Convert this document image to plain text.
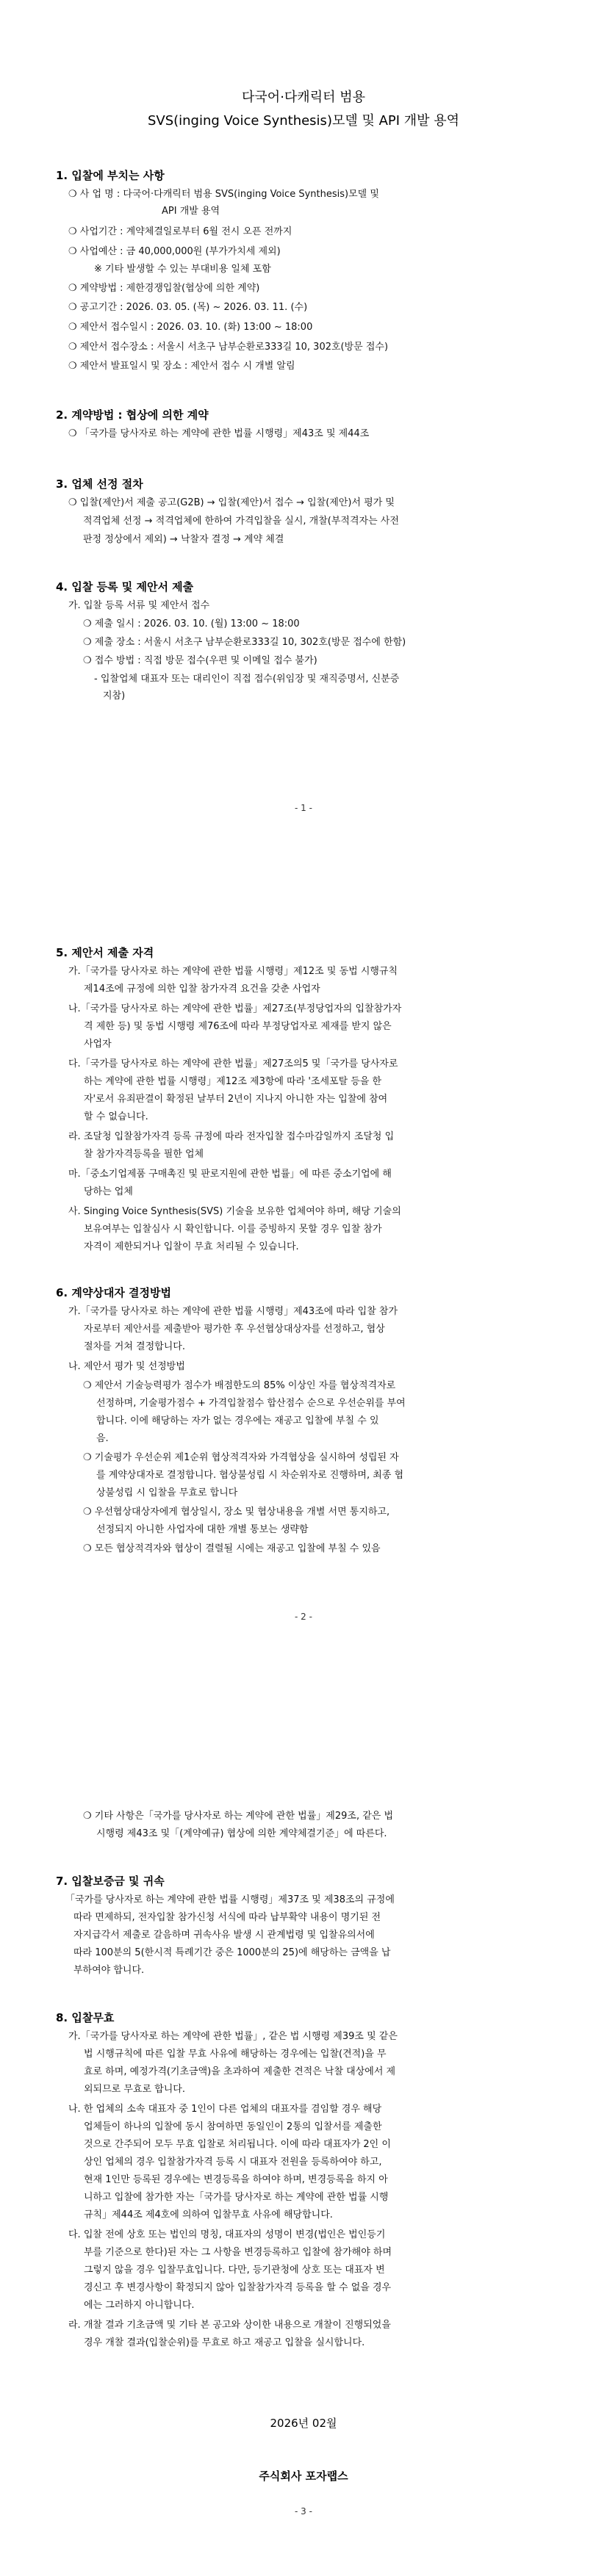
다국어·다캐릭터 범용
SVS(inging Voice Synthesis)모델 및 API 개발 용역
1. 입찰에 부치는 사항
❍ 사 업 명 : 다국어·다캐릭터 범용 SVS(inging Voice Synthesis)모델 및
API 개발 용역
❍ 사업기간 : 계약체결일로부터 6월 전시 오픈 전까지
❍ 사업예산 : 금 40,000,000원 (부가가치세 제외)
※ 기타 발생할 수 있는 부대비용 일체 포함
❍ 계약방법 : 제한경쟁입찰(협상에 의한 계약)
❍ 공고기간 : 2026. 03. 05. (목) ~ 2026. 03. 11. (수)
❍ 제안서 접수일시 : 2026. 03. 10. (화) 13:00 ~ 18:00
❍ 제안서 접수장소 : 서울시 서초구 남부순환로333길 10, 302호(방문 접수)
❍ 제안서 발표일시 및 장소 : 제안서 접수 시 개별 알림
2. 계약방법 : 협상에 의한 계약
❍ 「국가를 당사자로 하는 계약에 관한 법률 시행령」제43조 및 제44조
3. 업체 선정 절차
❍ 입찰(제안)서 제출 공고(G2B) → 입찰(제안)서 접수 → 입찰(제안)서 평가 및
적격업체 선정 → 적격업체에 한하여 가격입찰을 실시, 개찰(부적격자는 사전
판정 정상에서 제외) → 낙찰자 결정 → 계약 체결
4. 입찰 등록 및 제안서 제출
가. 입찰 등록 서류 및 제안서 접수
❍ 제출 일시 : 2026. 03. 10. (월) 13:00 ~ 18:00
❍ 제출 장소 : 서울시 서초구 남부순환로333길 10, 302호(방문 접수에 한함)
❍ 접수 방법 : 직접 방문 접수(우편 및 이메일 접수 불가)
- 입찰업체 대표자 또는 대리인이 직접 접수(위임장 및 재직증명서, 신분증
지참)
- 1 -
5. 제안서 제출 자격
가.「국가를 당사자로 하는 계약에 관한 법률 시행령」제12조 및 동법 시행규칙
제14조에 규정에 의한 입찰 참가자격 요건을 갖춘 사업자
나.「국가를 당사자로 하는 계약에 관한 법률」제27조(부정당업자의 입찰참가자
격 제한 등) 및 동법 시행령 제76조에 따라 부정당업자로 제재를 받지 않은
사업자
다.「국가를 당사자로 하는 계약에 관한 법률」제27조의5 및「국가를 당사자로
하는 계약에 관한 법률 시행령」제12조 제3항에 따라 '조세포탈 등을 한
자'로서 유죄판결이 확정된 날부터 2년이 지나지 아니한 자는 입찰에 참여
할 수 없습니다.
라. 조달청 입찰참가자격 등록 규정에 따라 전자입찰 접수마감일까지 조달청 입
찰 참가자격등록을 필한 업체
마.「중소기업제품 구매촉진 및 판로지원에 관한 법률」에 따른 중소기업에 해
당하는 업체
사. Singing Voice Synthesis(SVS) 기술을 보유한 업체여야 하며, 해당 기술의
보유여부는 입찰심사 시 확인합니다. 이를 증빙하지 못할 경우 입찰 참가
자격이 제한되거나 입찰이 무효 처리될 수 있습니다.
6. 계약상대자 결정방법
가.「국가를 당사자로 하는 계약에 관한 법률 시행령」제43조에 따라 입찰 참가
자로부터 제안서를 제출받아 평가한 후 우선협상대상자를 선정하고, 협상
절차를 거쳐 결정합니다.
나. 제안서 평가 및 선정방법
❍ 제안서 기술능력평가 점수가 배점한도의 85% 이상인 자를 협상적격자로
선정하며, 기술평가점수 + 가격입찰점수 합산점수 순으로 우선순위를 부여
합니다. 이에 해당하는 자가 없는 경우에는 재공고 입찰에 부칠 수 있
음.
❍ 기술평가 우선순위 제1순위 협상적격자와 가격협상을 실시하여 성립된 자
를 계약상대자로 결정합니다. 협상불성립 시 차순위자로 진행하며, 최종 협
상불성립 시 입찰을 무효로 합니다
❍ 우선협상대상자에게 협상일시, 장소 및 협상내용을 개별 서면 통지하고,
선정되지 아니한 사업자에 대한 개별 통보는 생략함
❍ 모든 협상적격자와 협상이 결렬될 시에는 재공고 입찰에 부칠 수 있음
- 2 -
❍ 기타 사항은「국가를 당사자로 하는 계약에 관한 법률」제29조, 같은 법
시행령 제43조 및「(계약예규) 협상에 의한 계약체결기준」에 따른다.
7. 입찰보증금 및 귀속
「국가를 당사자로 하는 계약에 관한 법률 시행령」제37조 및 제38조의 규정에
따라 면제하되, 전자입찰 참가신청 서식에 따라 납부확약 내용이 명기된 전
자지급각서 제출로 갈음하며 귀속사유 발생 시 관계법령 및 입찰유의서에
따라 100분의 5(한시적 특례기간 중은 1000분의 25)에 해당하는 금액을 납
부하여야 합니다.
8. 입찰무효
가.「국가를 당사자로 하는 계약에 관한 법률」, 같은 법 시행령 제39조 및 같은
법 시행규칙에 따른 입찰 무효 사유에 해당하는 경우에는 입찰(견적)을 무
효로 하며, 예정가격(기초금액)을 초과하여 제출한 견적은 낙찰 대상에서 제
외되므로 무효로 합니다.
나. 한 업체의 소속 대표자 중 1인이 다른 업체의 대표자를 겸임할 경우 해당
업체들이 하나의 입찰에 동시 참여하면 동일인이 2통의 입찰서를 제출한
것으로 간주되어 모두 무효 입찰로 처리됩니다. 이에 따라 대표자가 2인 이
상인 업체의 경우 입찰참가자격 등록 시 대표자 전원을 등록하여야 하고,
현재 1인만 등록된 경우에는 변경등록을 하여야 하며, 변경등록을 하지 아
니하고 입찰에 참가한 자는「국가를 당사자로 하는 계약에 관한 법률 시행
규칙」제44조 제4호에 의하여 입찰무효 사유에 해당합니다.
다. 입찰 전에 상호 또는 법인의 명칭, 대표자의 성명이 변경(법인은 법인등기
부를 기준으로 한다)된 자는 그 사항을 변경등록하고 입찰에 참가해야 하며
그렇지 않을 경우 입찰무효입니다. 다만, 등기관청에 상호 또는 대표자 변
경신고 후 변경사항이 확정되지 않아 입찰참가자격 등록을 할 수 없을 경우
에는 그러하지 아니합니다.
라. 개찰 결과 기초금액 및 기타 본 공고와 상이한 내용으로 개찰이 진행되었을
경우 개찰 결과(입찰순위)를 무효로 하고 재공고 입찰을 실시합니다.
2026년 02월
주식회사 포자랩스
- 3 -
